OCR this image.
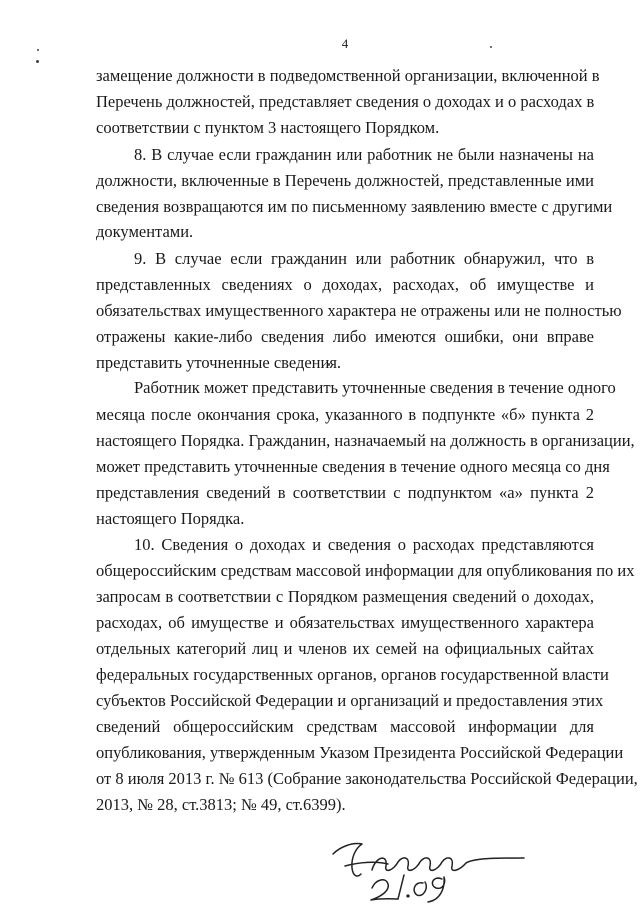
4
замещение должности в подведомственной организации, включенной в
Перечень должностей, представляет сведения о доходах и о расходах в
соответствии с пунктом 3 настоящего Порядком.
8. В случае если гражданин или работник не были назначены на
должности, включенные в Перечень должностей, представленные ими
сведения возвращаются им по письменному заявлению вместе с другими
документами.
9. В случае если гражданин или работник обнаружил, что в
представленных сведениях о доходах, расходах, об имуществе и
обязательствах имущественного характера не отражены или не полностью
отражены какие-либо сведения либо имеются ошибки, они вправе
представить уточненные сведения.
Работник может представить уточненные сведения в течение одного
месяца после окончания срока, указанного в подпункте «б» пункта 2
настоящего Порядка. Гражданин, назначаемый на должность в организации,
может представить уточненные сведения в течение одного месяца со дня
представления сведений в соответствии с подпунктом «а» пункта 2
настоящего Порядка.
10. Сведения о доходах и сведения о расходах представляются
общероссийским средствам массовой информации для опубликования по их
запросам в соответствии с Порядком размещения сведений о доходах,
расходах, об имуществе и обязательствах имущественного характера
отдельных категорий лиц и членов их семей на официальных сайтах
федеральных государственных органов, органов государственной власти
субъектов Российской Федерации и организаций и предоставления этих
сведений общероссийским средствам массовой информации для
опубликования, утвержденным Указом Президента Российской Федерации
от 8 июля 2013 г. № 613 (Собрание законодательства Российской Федерации,
2013, № 28, ст.3813; № 49, ст.6399).
